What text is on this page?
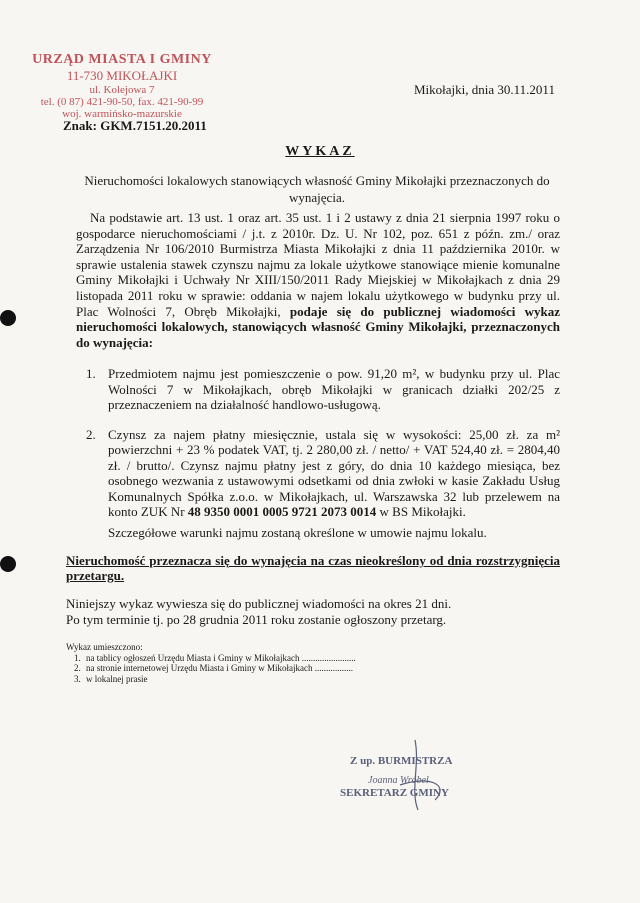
URZĄD MIASTA I GMINY
11-730 MIKOŁAJKI
ul. Kolejowa 7
tel. (0 87) 421-90-50, fax. 421-90-99
woj. warmińsko-mazurskie
Znak: GKM.7151.20.2011
Mikołajki, dnia 30.11.2011
WYKAZ
Nieruchomości lokalowych stanowiących własność Gminy Mikołajki przeznaczonych do wynajęcia.
Na podstawie art. 13 ust. 1 oraz art. 35 ust. 1 i 2 ustawy z dnia 21 sierpnia 1997 roku o gospodarce nieruchomościami / j.t. z 2010r. Dz. U. Nr 102, poz. 651 z późn. zm./ oraz Zarządzenia Nr 106/2010 Burmistrza Miasta Mikołajki z dnia 11 października 2010r. w sprawie ustalenia stawek czynszu najmu za lokale użytkowe stanowiące mienie komunalne Gminy Mikołajki i Uchwały Nr XIII/150/2011 Rady Miejskiej w Mikołajkach z dnia 29 listopada 2011 roku w sprawie: oddania w najem lokalu użytkowego w budynku przy ul. Plac Wolności 7, Obręb Mikołajki, podaje się do publicznej wiadomości wykaz nieruchomości lokalowych, stanowiących własność Gminy Mikołajki, przeznaczonych do wynajęcia:
1. Przedmiotem najmu jest pomieszczenie o pow. 91,20 m², w budynku przy ul. Plac Wolności 7 w Mikołajkach, obręb Mikołajki w granicach działki 202/25 z przeznaczeniem na działalność handlowo-usługową.
2. Czynsz za najem płatny miesięcznie, ustala się w wysokości: 25,00 zł. za m² powierzchni + 23 % podatek VAT, tj. 2 280,00 zł. / netto/ + VAT 524,40 zł. = 2804,40 zł. / brutto/. Czynsz najmu płatny jest z góry, do dnia 10 każdego miesiąca, bez osobnego wezwania z ustawowymi odsetkami od dnia zwłoki w kasie Zakładu Usług Komunalnych Spółka z.o.o. w Mikołajkach, ul. Warszawska 32 lub przelewem na konto ZUK Nr 48 9350 0001 0005 9721 2073 0014 w BS Mikołajki.
Szczegółowe warunki najmu zostaną określone w umowie najmu lokalu.
Nieruchomość przeznacza się do wynajęcia na czas nieokreślony od dnia rozstrzygnięcia przetargu.
Niniejszy wykaz wywiesza się do publicznej wiadomości na okres 21 dni.
Po tym terminie tj. po 28 grudnia 2011 roku zostanie ogłoszony przetarg.
Wykaz umieszczono:
1. na tablicy ogłoszeń Urzędu Miasta i Gminy w Mikołajkach ........................
2. na stronie internetowej Urzędu Miasta i Gminy w Mikołajkach .................
3. w lokalnej prasie
Z up. BURMISTRZA
Joanna Wróbel
SEKRETARZ GMINY
